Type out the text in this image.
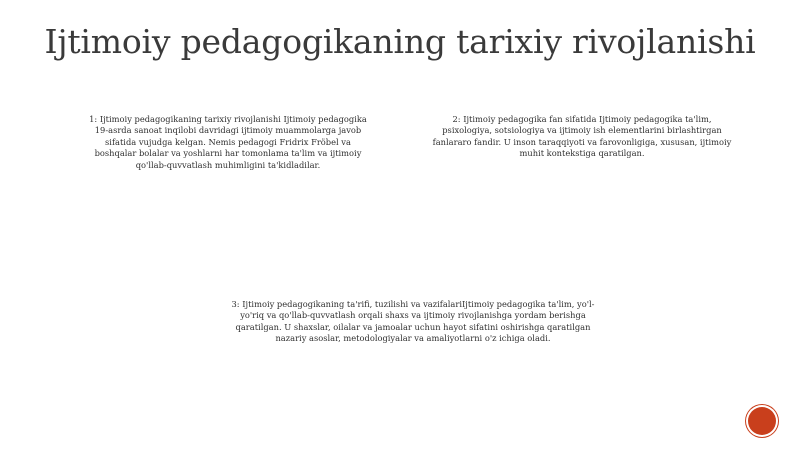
Ijtimoiy pedagogikaning tarixiy rivojlanishi
1: Ijtimoiy pedagogikaning tarixiy rivojlanishi Ijtimoiy pedagogika 19-asrda sanoat inqilobi davridagi ijtimoiy muammolarga javob sifatida vujudga kelgan. Nemis pedagogi Fridrix Fröbel va boshqalar bolalar va yoshlarni har tomonlama ta'lim va ijtimoiy qo'llab-quvvatlash muhimligini ta'kidladilar.
2: Ijtimoiy pedagogika fan sifatida Ijtimoiy pedagogika ta'lim, psixologiya, sotsiologiya va ijtimoiy ish elementlarini birlashtirgan fanlararo fandir. U inson taraqqiyoti va farovonligiga, xususan, ijtimoiy muhit kontekstiga qaratilgan.
3: Ijtimoiy pedagogikaning ta'rifi, tuzilishi va vazifalariIjtimoiy pedagogika ta'lim, yo'l-yo'riq va qo'llab-quvvatlash orqali shaxs va ijtimoiy rivojlanishga yordam berishga qaratilgan. U shaxslar, oilalar va jamoalar uchun hayot sifatini oshirishga qaratilgan nazariy asoslar, metodologiyalar va amaliyotlarni o'z ichiga oladi.
